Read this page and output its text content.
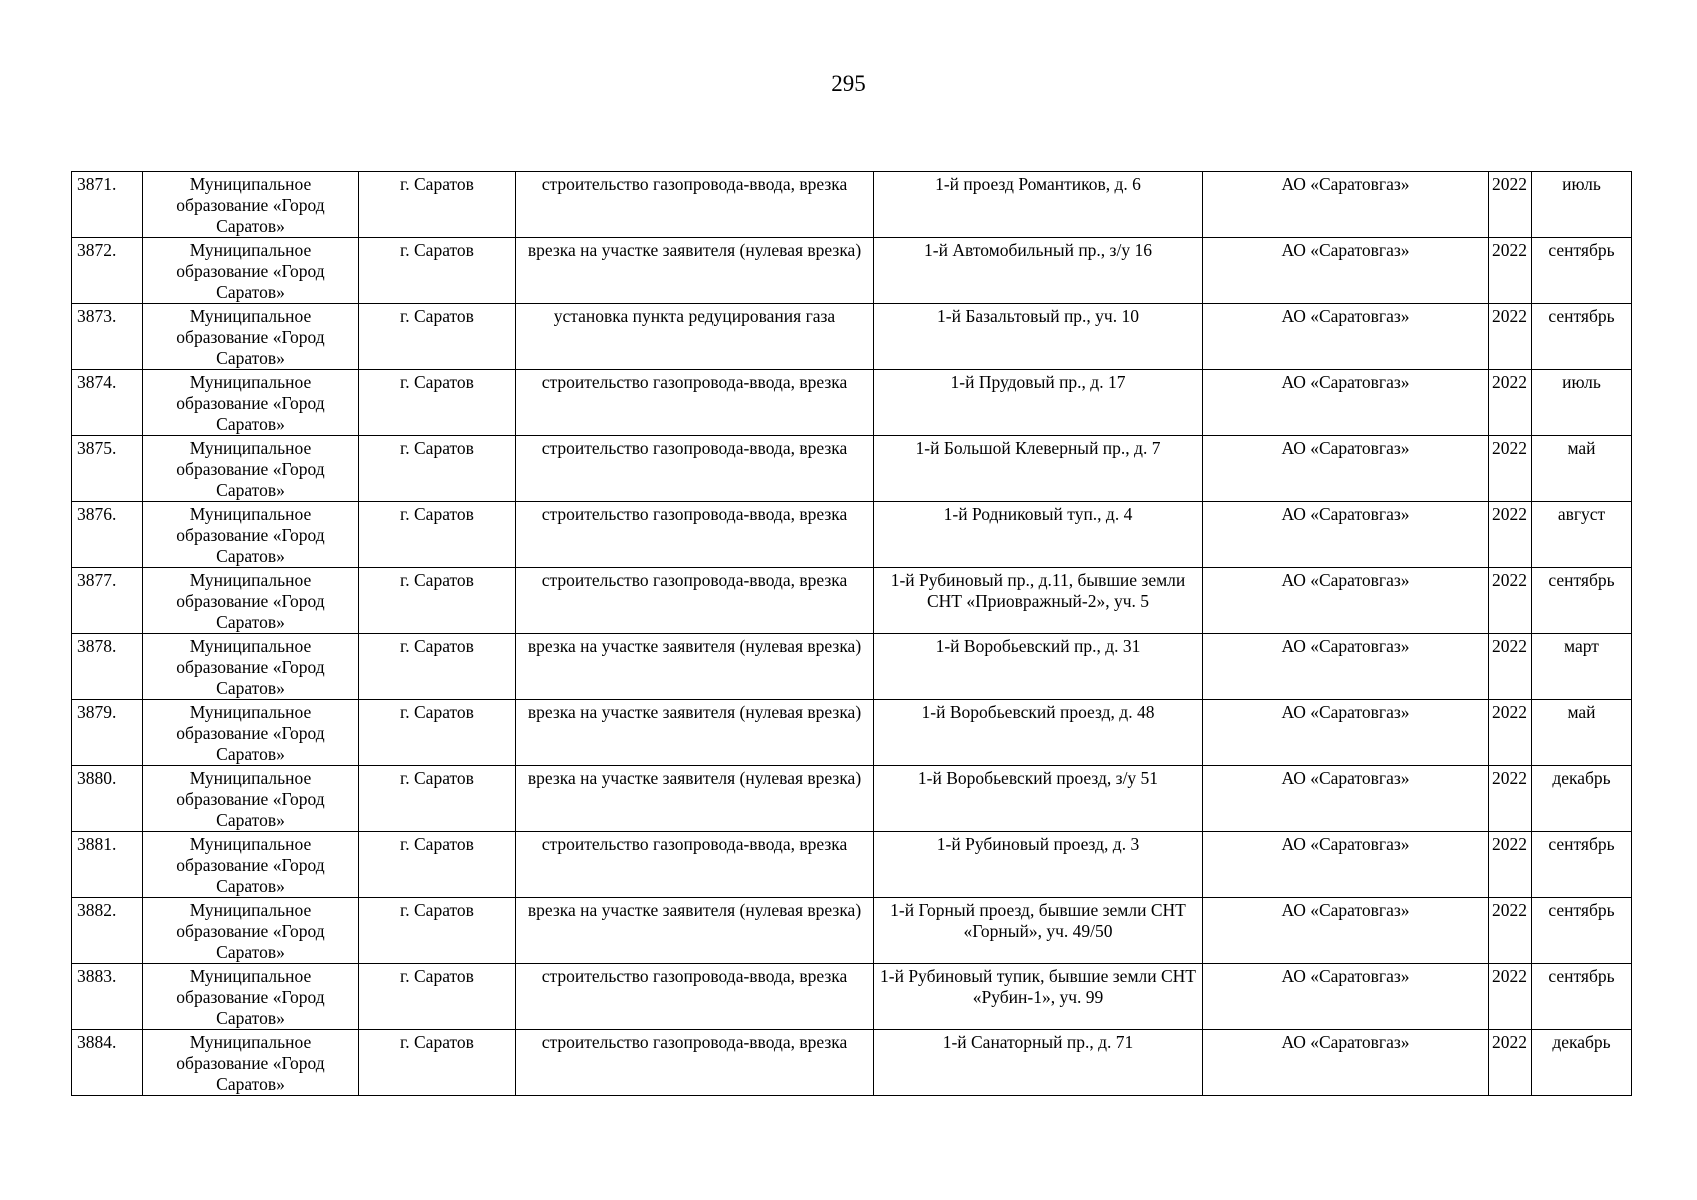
295
3871.	Муниципальное образование «Город Саратов»	г. Саратов	строительство газопровода-ввода, врезка	1-й проезд Романтиков, д. 6	АО «Саратовгаз»	2022	июль
3872.	Муниципальное образование «Город Саратов»	г. Саратов	врезка на участке заявителя (нулевая врезка)	1-й Автомобильный пр., з/у 16	АО «Саратовгаз»	2022	сентябрь
3873.	Муниципальное образование «Город Саратов»	г. Саратов	установка пункта редуцирования газа	1-й Базальтовый пр., уч. 10	АО «Саратовгаз»	2022	сентябрь
3874.	Муниципальное образование «Город Саратов»	г. Саратов	строительство газопровода-ввода, врезка	1-й Прудовый пр., д. 17	АО «Саратовгаз»	2022	июль
3875.	Муниципальное образование «Город Саратов»	г. Саратов	строительство газопровода-ввода, врезка	1-й Большой Клеверный пр., д. 7	АО «Саратовгаз»	2022	май
3876.	Муниципальное образование «Город Саратов»	г. Саратов	строительство газопровода-ввода, врезка	1-й Родниковый туп., д. 4	АО «Саратовгаз»	2022	август
3877.	Муниципальное образование «Город Саратов»	г. Саратов	строительство газопровода-ввода, врезка	1-й Рубиновый пр., д.11, бывшие земли СНТ «Приовражный-2», уч. 5	АО «Саратовгаз»	2022	сентябрь
3878.	Муниципальное образование «Город Саратов»	г. Саратов	врезка на участке заявителя (нулевая врезка)	1-й Воробьевский пр., д. 31	АО «Саратовгаз»	2022	март
3879.	Муниципальное образование «Город Саратов»	г. Саратов	врезка на участке заявителя (нулевая врезка)	1-й Воробьевский проезд, д. 48	АО «Саратовгаз»	2022	май
3880.	Муниципальное образование «Город Саратов»	г. Саратов	врезка на участке заявителя (нулевая врезка)	1-й Воробьевский проезд, з/у 51	АО «Саратовгаз»	2022	декабрь
3881.	Муниципальное образование «Город Саратов»	г. Саратов	строительство газопровода-ввода, врезка	1-й Рубиновый проезд, д. 3	АО «Саратовгаз»	2022	сентябрь
3882.	Муниципальное образование «Город Саратов»	г. Саратов	врезка на участке заявителя (нулевая врезка)	1-й Горный проезд, бывшие земли СНТ «Горный», уч. 49/50	АО «Саратовгаз»	2022	сентябрь
3883.	Муниципальное образование «Город Саратов»	г. Саратов	строительство газопровода-ввода, врезка	1-й Рубиновый тупик, бывшие земли СНТ «Рубин-1», уч. 99	АО «Саратовгаз»	2022	сентябрь
3884.	Муниципальное образование «Город Саратов»	г. Саратов	строительство газопровода-ввода, врезка	1-й Санаторный пр., д. 71	АО «Саратовгаз»	2022	декабрь
